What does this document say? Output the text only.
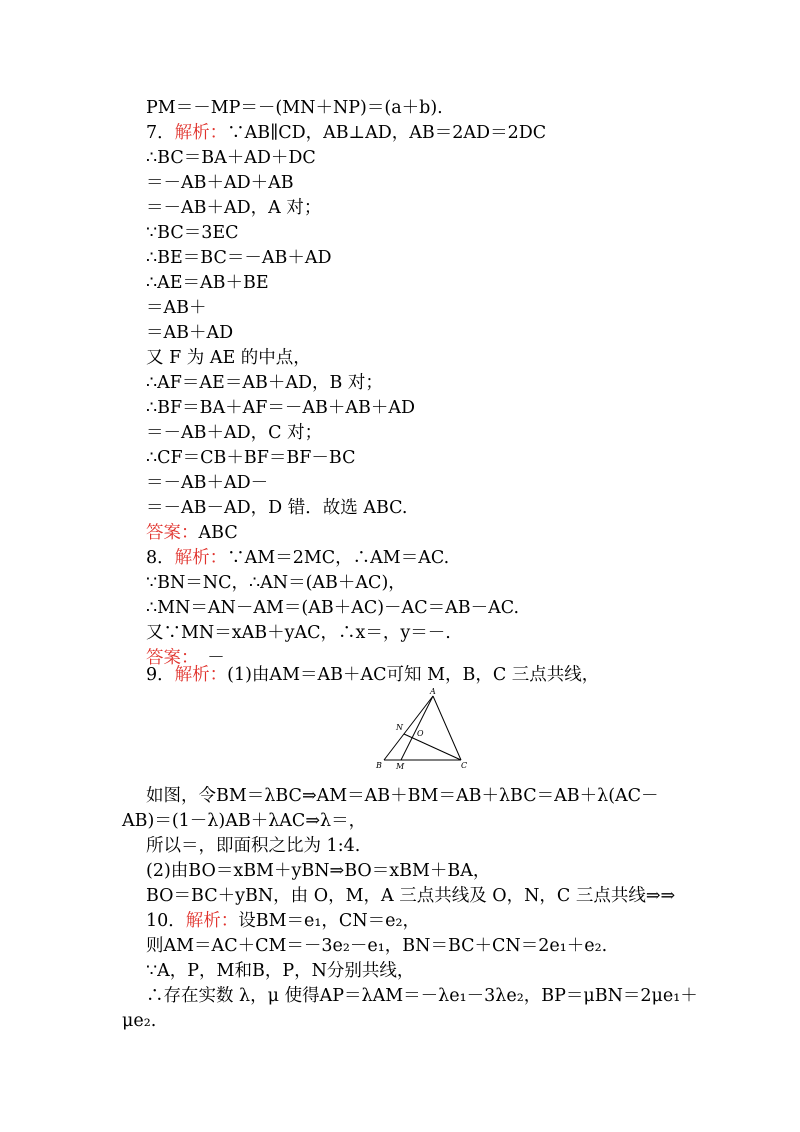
PM＝－MP＝－(MN＋NP)＝(a＋b).
7．解析：∵AB∥CD，AB⊥AD，AB＝2AD＝2DC
∴BC＝BA＋AD＋DC
＝－AB＋AD＋AB
＝－AB＋AD，A 对；
∵BC＝3EC
∴BE＝BC＝－AB＋AD
∴AE＝AB＋BE
＝AB＋
＝AB＋AD
又 F 为 AE 的中点，
∴AF＝AE＝AB＋AD，B 对；
∴BF＝BA＋AF＝－AB＋AB＋AD
＝－AB＋AD，C 对；
∴CF＝CB＋BF＝BF－BC
＝－AB＋AD－
＝－AB－AD，D 错．故选 ABC.
答案：ABC
8．解析：∵AM＝2MC，∴AM＝AC.
∵BN＝NC，∴AN＝(AB＋AC)，
∴MN＝AN－AM＝(AB＋AC)－AC＝AB－AC.
又∵MN＝xAB＋yAC，∴x＝，y＝－.
答案：　－
9．解析：(1)由AM＝AB＋AC可知 M，B，C 三点共线，
A
B	C
M
N
O
如图，令BM＝λBC⇒AM＝AB＋BM＝AB＋λBC＝AB＋λ(AC－
AB)＝(1－λ)AB＋λAC⇒λ＝，
所以＝，即面积之比为 1:4.
(2)由BO＝xBM＋yBN⇒BO＝xBM＋BA，
BO＝BC＋yBN，由 O，M，A 三点共线及 O，N，C 三点共线⇒⇒
10．解析：设BM＝e₁，CN＝e₂，
则AM＝AC＋CM＝－3e₂－e₁，BN＝BC＋CN＝2e₁＋e₂.
∵A，P，M和B，P，N分别共线，
∴存在实数 λ，μ 使得AP＝λAM＝－λe₁－3λe₂，BP＝μBN＝2μe₁＋
μe₂.
